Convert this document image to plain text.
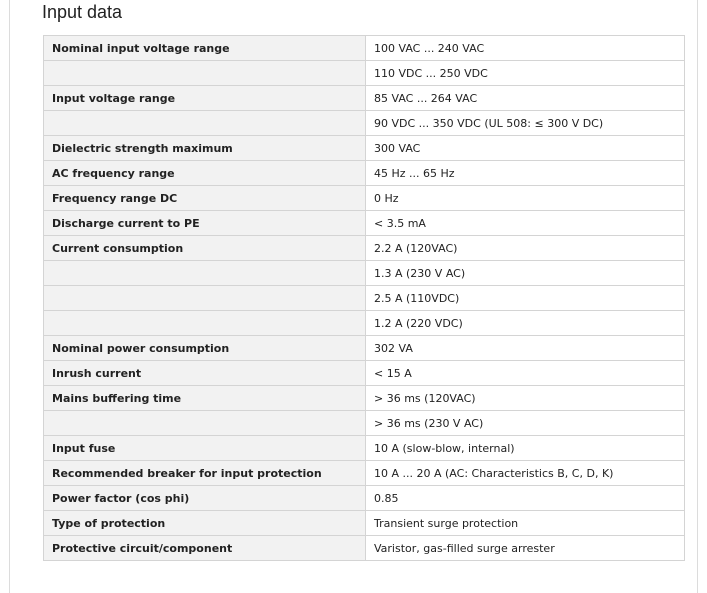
Input data
Nominal input voltage range	100 VAC ... 240 VAC
	110 VDC ... 250 VDC
Input voltage range	85 VAC ... 264 VAC
	90 VDC ... 350 VDC (UL 508: ≤ 300 V DC)
Dielectric strength maximum	300 VAC
AC frequency range	45 Hz ... 65 Hz
Frequency range DC	0 Hz
Discharge current to PE	< 3.5 mA
Current consumption	2.2 A (120VAC)
	1.3 A (230 V AC)
	2.5 A (110VDC)
	1.2 A (220 VDC)
Nominal power consumption	302 VA
Inrush current	< 15 A
Mains buffering time	> 36 ms (120VAC)
	> 36 ms (230 V AC)
Input fuse	10 A (slow-blow, internal)
Recommended breaker for input protection	10 A ... 20 A (AC: Characteristics B, C, D, K)
Power factor (cos phi)	0.85
Type of protection	Transient surge protection
Protective circuit/component	Varistor, gas-filled surge arrester
